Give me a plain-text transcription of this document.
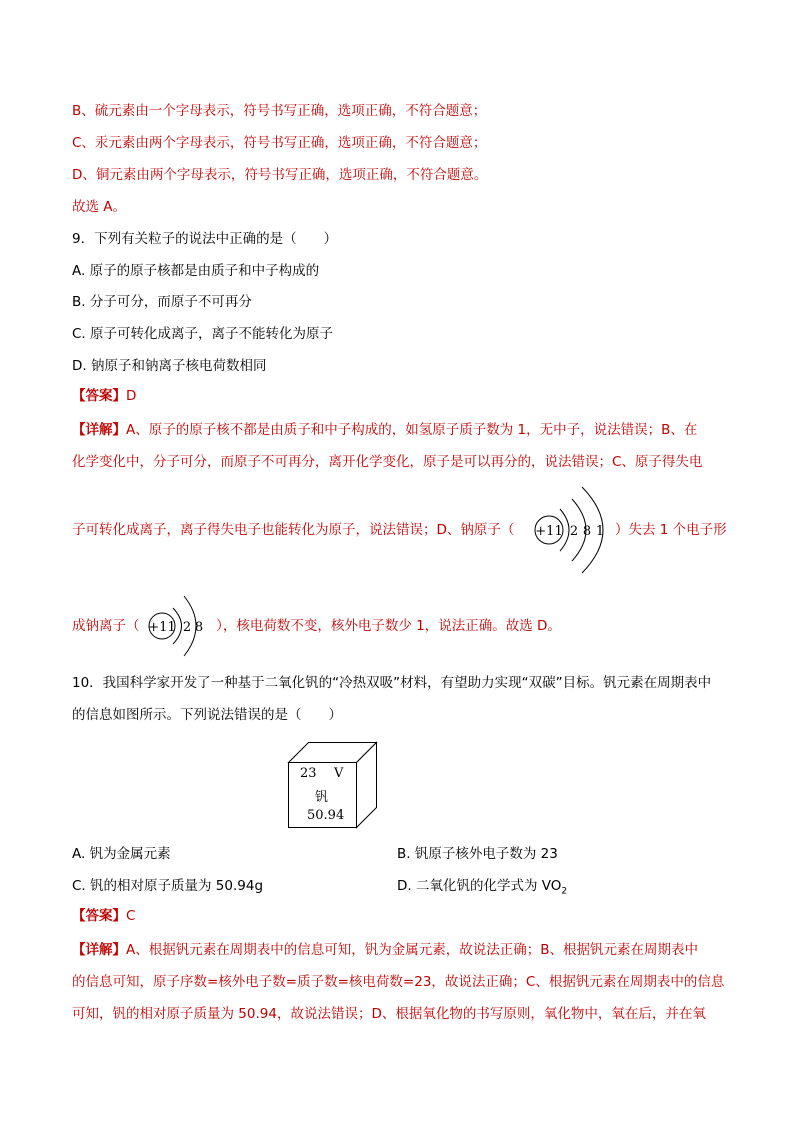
B、硫元素由一个字母表示，符号书写正确，选项正确，不符合题意；
C、汞元素由两个字母表示，符号书写正确，选项正确，不符合题意；
D、铜元素由两个字母表示，符号书写正确，选项正确，不符合题意。
故选 A。
9．下列有关粒子的说法中正确的是（　　）
A. 原子的原子核都是由质子和中子构成的
B. 分子可分，而原子不可再分
C. 原子可转化成离子，离子不能转化为原子
D. 钠原子和钠离子核电荷数相同
【答案】D
【详解】A、原子的原子核不都是由质子和中子构成的，如氢原子质子数为 1，无中子，说法错误；B、在
化学变化中，分子可分，而原子不可再分，离开化学变化，原子是可以再分的，说法错误；C、原子得失电
子可转化成离子，离子得失电子也能转化为原子，说法错误；D、钠原子（	）失去 1 个电子形
+11 2 8 1
成钠离子（	），核电荷数不变，核外电子数少 1，说法正确。故选 D。
+11 2 8
10．我国科学家开发了一种基于二氧化钒的“冷热双吸”材料，有望助力实现“双碳”目标。钒元素在周期表中
的信息如图所示。下列说法错误的是（　　）
23 V
钒
50.94
A. 钒为金属元素	B. 钒原子核外电子数为 23
C. 钒的相对原子质量为 50.94g	D. 二氧化钒的化学式为 $VO_2$
【答案】C
【详解】A、根据钒元素在周期表中的信息可知，钒为金属元素，故说法正确；B、根据钒元素在周期表中
的信息可知，原子序数=核外电子数=质子数=核电荷数=23，故说法正确；C、根据钒元素在周期表中的信息
可知，钒的相对原子质量为 50.94，故说法错误；D、根据氧化物的书写原则，氧化物中，氧在后，并在氧
